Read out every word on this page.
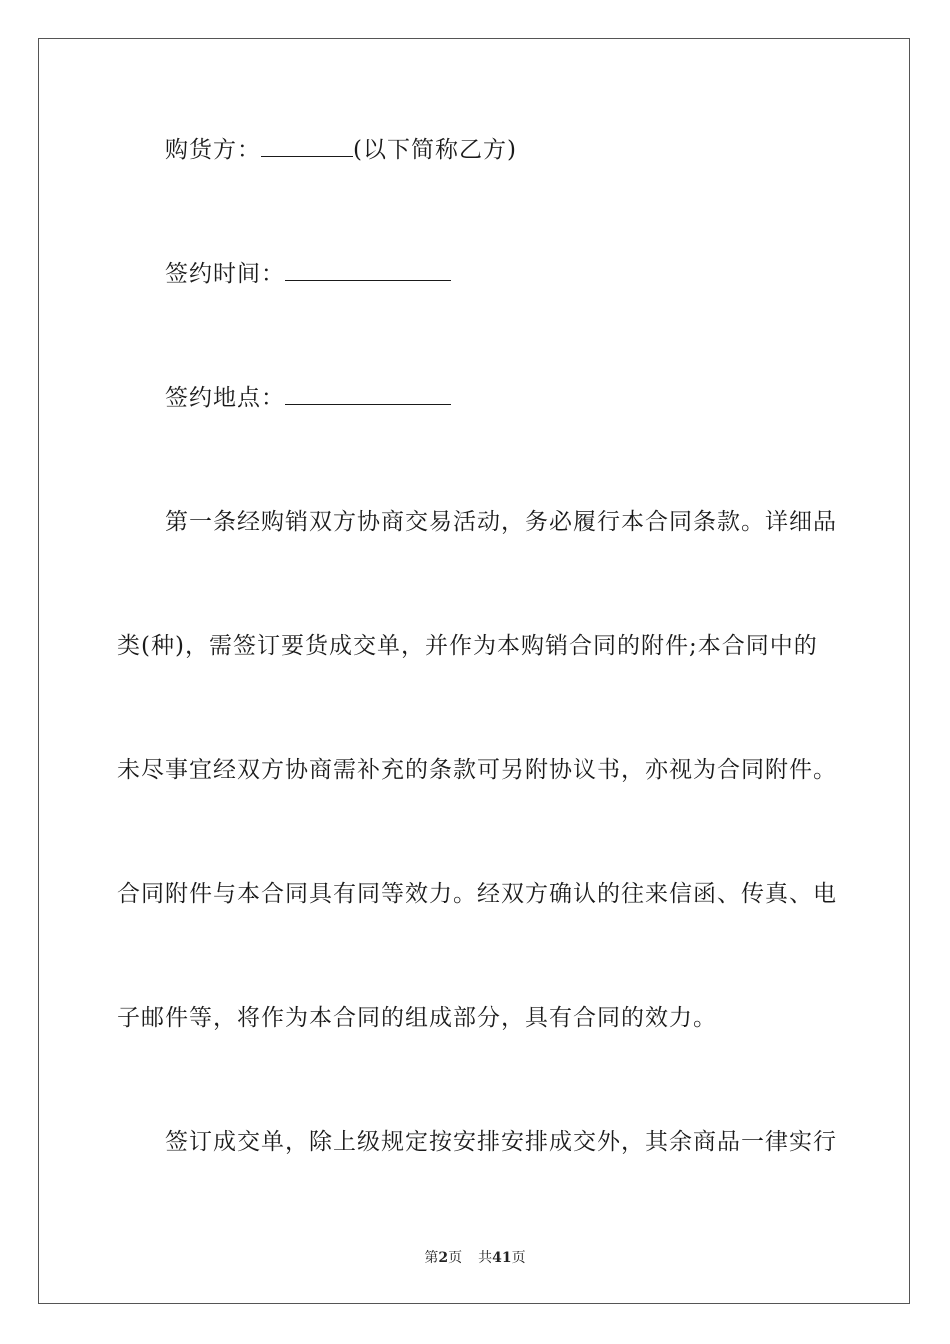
购货方：	(以下简称乙方)
签约时间：
签约地点：
第一条经购销双方协商交易活动，务必履行本合同条款。详细品
类(种)，需签订要货成交单，并作为本购销合同的附件;本合同中的
未尽事宜经双方协商需补充的条款可另附协议书，亦视为合同附件。
合同附件与本合同具有同等效力。经双方确认的往来信函、传真、电
子邮件等，将作为本合同的组成部分，具有合同的效力。
签订成交单，除上级规定按安排安排成交外，其余商品一律实行
第2页 共41页
